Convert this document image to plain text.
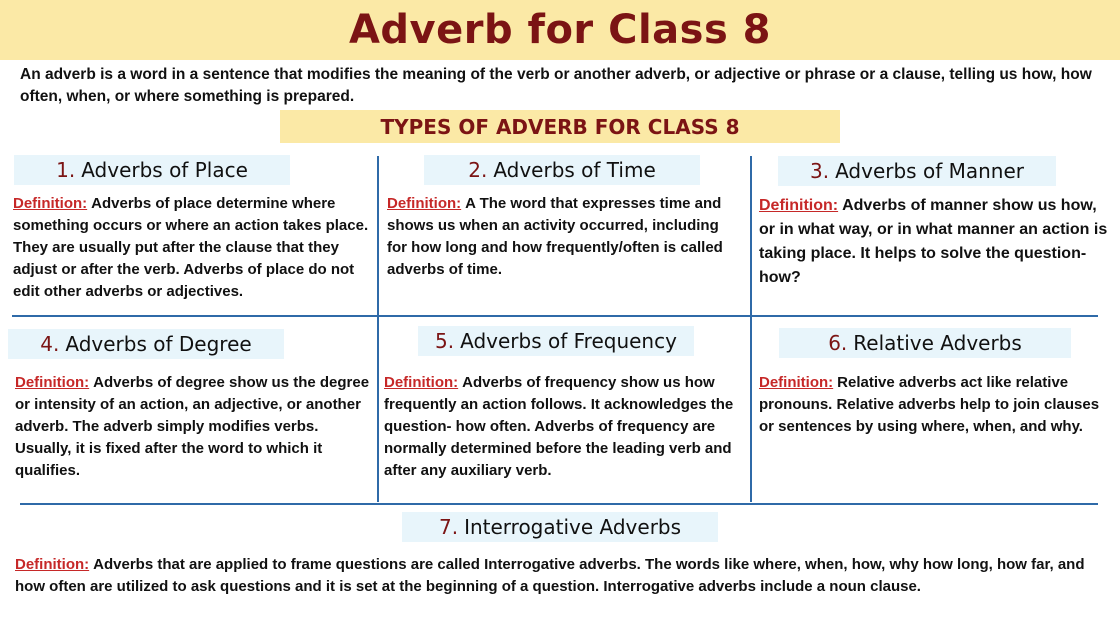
Adverb for Class 8

An adverb is a word in a sentence that modifies the meaning of the verb or another adverb, or adjective or phrase or a clause, telling us how, how often, when, or where something is prepared.

TYPES OF ADVERB FOR CLASS 8
1. Adverbs of Place
Definition: Adverbs of place determine where something occurs or where an action takes place. They are usually put after the clause that they adjust or after the verb. Adverbs of place do not edit other adverbs or adjectives.
2. Adverbs of Time
Definition: A The word that expresses time and shows us when an activity occurred, including for how long and how frequently/often is called adverbs of time.
3. Adverbs of Manner
Definition: Adverbs of manner show us how, or in what way, or in what manner an action is taking place. It helps to solve the question- how?
4. Adverbs of Degree
Definition: Adverbs of degree show us the degree or intensity of an action, an adjective, or another adverb. The adverb simply modifies verbs. Usually, it is fixed after the word to which it qualifies.
5. Adverbs of Frequency
Definition: Adverbs of frequency show us how frequently an action follows. It acknowledges the question- how often. Adverbs of frequency are normally determined before the leading verb and after any auxiliary verb.
6. Relative Adverbs
Definition: Relative adverbs act like relative pronouns. Relative adverbs help to join clauses or sentences by using where, when, and why.
7. Interrogative Adverbs
Definition: Adverbs that are applied to frame questions are called Interrogative adverbs. The words like where, when, how, why how long, how far, and how often are utilized to ask questions and it is set at the beginning of a question. Interrogative adverbs include a noun clause.
